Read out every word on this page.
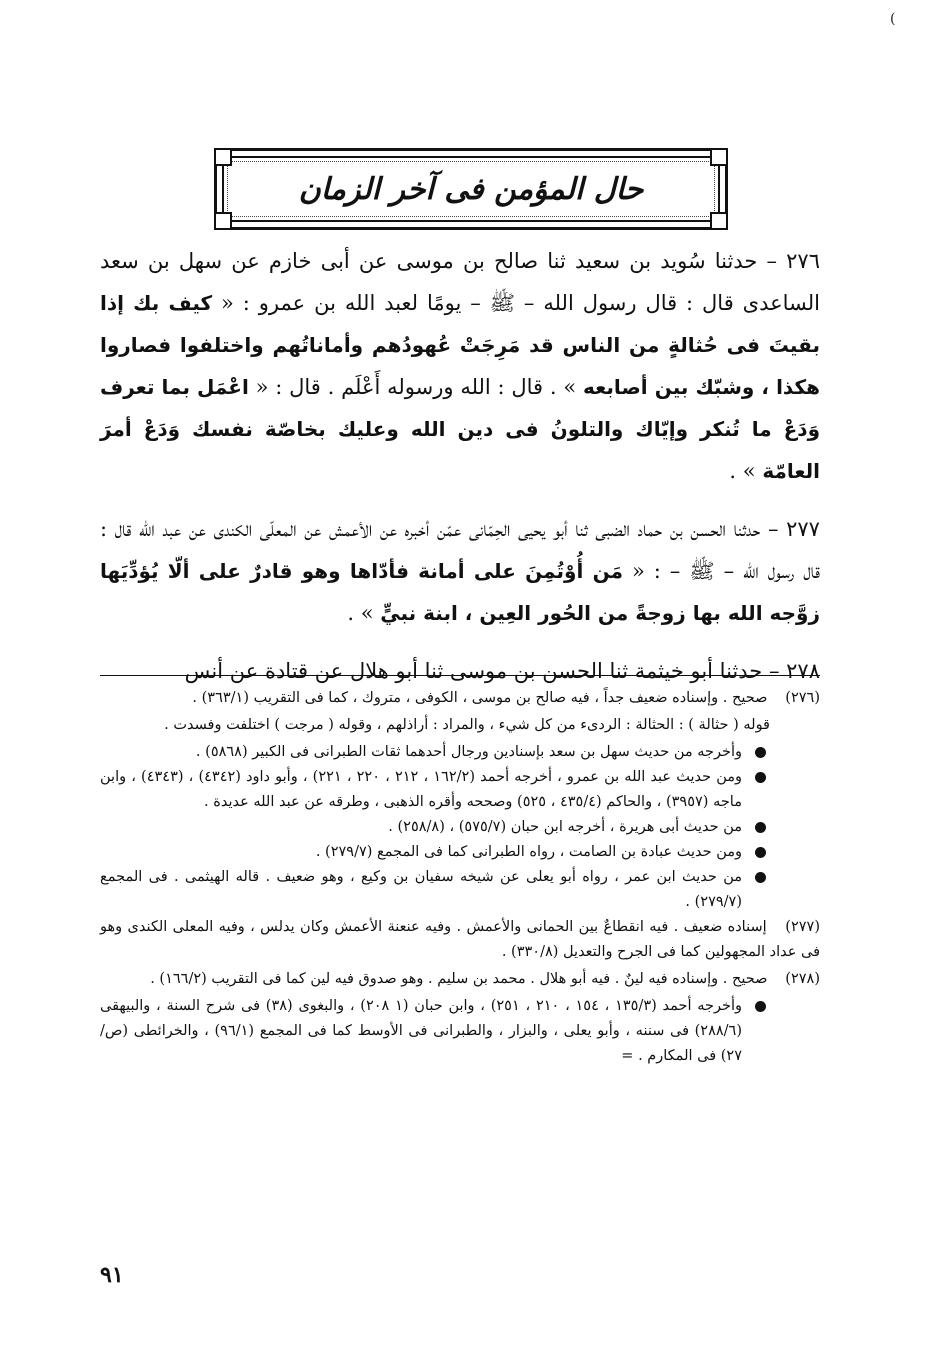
(
حال المؤمن فى آخر الزمان

٢٧٦ – حدثنا سُويد بن سعيد ثنا صالح بن موسى عن أبى خازم عن سهل بن سعد الساعدى قال : قال رسول الله – ﷺ – يومًا لعبد الله بن عمرو : « كيف بك إذا بقيتَ فى حُثالةٍ من الناس قد مَرِجَتْ عُهودُهم وأماناتُهم واختلفوا فصاروا هكذا ، وشبّك بين أصابعه » . قال : الله ورسوله أَعْلَم . قال : « اعْمَل بما تعرف وَدَعْ ما تُنكر وإيّاك والتلونُ فى دين الله وعليك بخاصّة نفسك وَدَعْ أمرَ العامّة » .

٢٧٧ – حدثنا الحسن بن حماد الضبى ثنا أبو يحيى الحِمّانى عمّن أخبره عن الأعمش عن المعلّى الكندى عن عبد الله قال : قال رسول الله – ﷺ – : « مَن أُوْتُمِنَ على أمانة فأدّاها وهو قادرٌ على ألّا يُؤدِّيَها زوَّجه الله بها زوجةً من الحُور العِين ، ابنة نبيٍّ » .

٢٧٨ – حدثنا أبو خيثمة ثنا الحسن بن موسى ثنا أبو هلال عن قتادة عن أنس

(٢٧٦) صحيح . وإسناده ضعيف جداً ، فيه صالح بن موسى ، الكوفى ، متروك ، كما فى التقريب (٣٦٣/١) .

قوله ( حثالة ) : الحثالة : الردىء من كل شيء ، والمراد : أراذلهم ، وقوله ( مرجت ) اختلفت وفسدت .

وأخرجه من حديث سهل بن سعد بإسنادين ورجال أحدهما ثقات الطبرانى فى الكبير (٥٨٦٨) .
ومن حديث عبد الله بن عمرو ، أخرجه أحمد (١٦٢/٢ ، ٢١٢ ، ٢٢٠ ، ٢٢١) ، وأبو داود (٤٣٤٢) ، (٤٣٤٣) ، وابن ماجه (٣٩٥٧) ، والحاكم (٤٣٥/٤ ، ٥٢٥) وصححه وأقره الذهبى ، وطرقه عن عبد الله عديدة .
من حديث أبى هريرة ، أخرجه ابن حبان (٥٧٥/٧) ، (٢٥٨/٨) .
ومن حديث عبادة بن الصامت ، رواه الطبرانى كما فى المجمع (٢٧٩/٧) .
من حديث ابن عمر ، رواه أبو يعلى عن شيخه سفيان بن وكيع ، وهو ضعيف . قاله الهيثمى . فى المجمع (٢٧٩/٧) .

(٢٧٧) إسناده ضعيف . فيه انقطاعٌ بين الحمانى والأعمش . وفيه عنعنة الأعمش وكان يدلس ، وفيه المعلى الكندى وهو فى عداد المجهولين كما فى الجرح والتعديل (٣٣٠/٨) .

(٢٧٨) صحيح . وإسناده فيه لينٌ . فيه أبو هلال . محمد بن سليم . وهو صدوق فيه لين كما فى التقريب (١٦٦/٢) .

وأخرجه أحمد (١٣٥/٣ ، ١٥٤ ، ٢١٠ ، ٢٥١) ، وابن حبان (١ ٢٠٨) ، والبغوى (٣٨) فى شرح السنة ، والبيهقى (٢٨٨/٦) فى سننه ، وأبو يعلى ، والبزار ، والطبرانى فى الأوسط كما فى المجمع (٩٦/١) ، والخرائطى (ص/٢٧) فى المكارم . =
٩١
